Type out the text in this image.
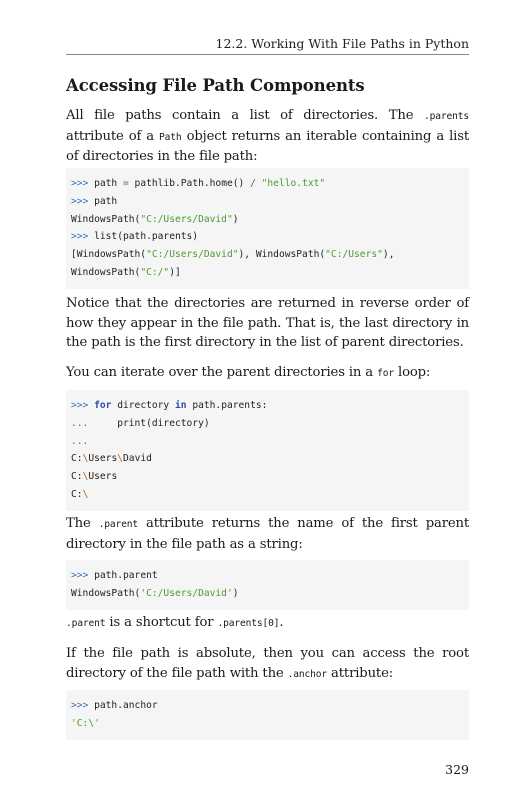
12.2. Working With File Paths in Python
Accessing File Path Components

All file paths contain a list of directories. The .parents attribute of a Path object returns an iterable containing a list of directories in the file path:

>>> path = pathlib.Path.home() / "hello.txt"
>>> path
WindowsPath("C:/Users/David")
>>> list(path.parents)
[WindowsPath("C:/Users/David"), WindowsPath("C:/Users"),
WindowsPath("C:/")]

Notice that the directories are returned in reverse order of how they appear in the file path. That is, the last directory in the path is the first directory in the list of parent directories.

You can iterate over the parent directories in a for loop:

>>> for directory in path.parents:
...     print(directory)
...
C:\Users\David
C:\Users
C:\

The .parent attribute returns the name of the first parent directory in the file path as a string:

>>> path.parent
WindowsPath('C:/Users/David')

.parent is a shortcut for .parents[0].

If the file path is absolute, then you can access the root directory of the file path with the .anchor attribute:

>>> path.anchor
'C:\'
329
